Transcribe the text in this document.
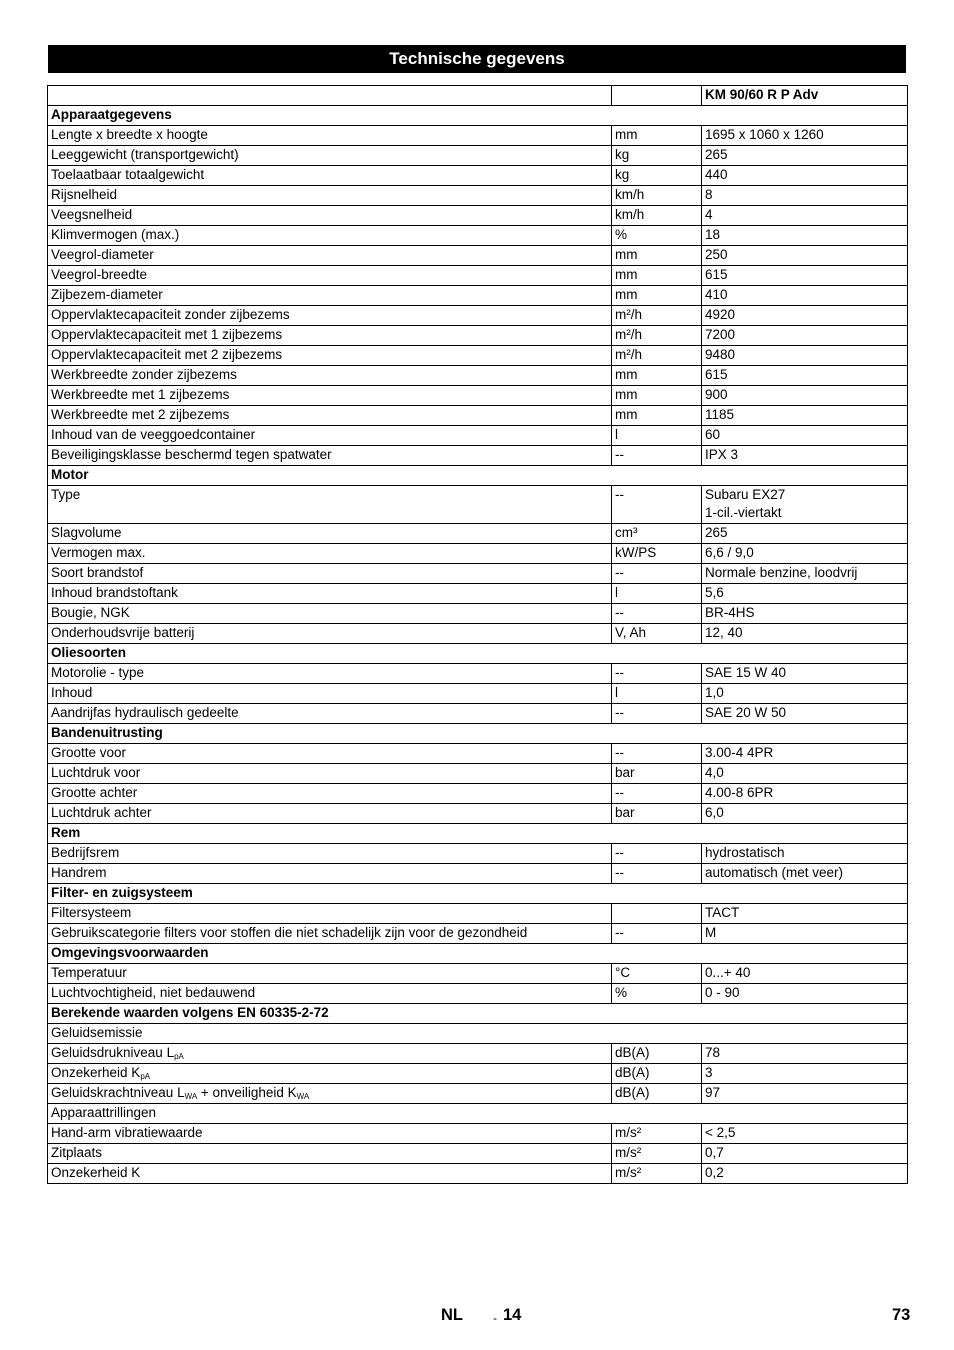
Technische gegevens
		KM 90/60 R P Adv
Apparaatgegevens		
Lengte x breedte x hoogte	mm	1695 x 1060 x 1260

Leeggewicht (transportgewicht)	kg	265

Toelaatbaar totaalgewicht	kg	440

Rijsnelheid	km/h	8

Veegsnelheid	km/h	4

Klimvermogen (max.)	%	18

Veegrol-diameter	mm	250

Veegrol-breedte	mm	615

Zijbezem-diameter	mm	410

Oppervlaktecapaciteit zonder zijbezems	m²/h	4920

Oppervlaktecapaciteit met 1 zijbezems	m²/h	7200

Oppervlaktecapaciteit met 2 zijbezems	m²/h	9480

Werkbreedte zonder zijbezems	mm	615

Werkbreedte met 1 zijbezems	mm	900

Werkbreedte met 2 zijbezems	mm	1185

Inhoud van de veeggoedcontainer	l	60

Beveiligingsklasse beschermd tegen spatwater	--	IPX 3

Motor		
Type	--	Subaru EX27
1-cil.-viertakt

Slagvolume	cm³	265

Vermogen max.	kW/PS	6,6 / 9,0

Soort brandstof	--	Normale benzine, loodvrij

Inhoud brandstoftank	l	5,6

Bougie, NGK	--	BR-4HS

Onderhoudsvrije batterij	V, Ah	12, 40

Oliesoorten		
Motorolie - type	--	SAE 15 W 40

Inhoud	l	1,0

Aandrijfas hydraulisch gedeelte	--	SAE 20 W 50

Bandenuitrusting		
Grootte voor	--	3.00-4 4PR

Luchtdruk voor	bar	4,0

Grootte achter	--	4.00-8 6PR

Luchtdruk achter	bar	6,0

Rem		
Bedrijfsrem	--	hydrostatisch

Handrem	--	automatisch (met veer)

Filter- en zuigsysteem		
Filtersysteem		TACT

Gebruikscategorie filters voor stoffen die niet schadelijk zijn voor de gezondheid	--	M

Omgevingsvoorwaarden		
Temperatuur	°C	0...+ 40

Luchtvochtigheid, niet bedauwend	%	0 - 90

Berekende waarden volgens EN 60335-2-72		
Geluidsemissie		
Geluidsdrukniveau $L_{pA}$	dB(A)	78
Onzekerheid $K_{pA}$	dB(A)	3
Geluidskrachtniveau $L_{WA}$ + onveiligheid $K_{WA}$	dB(A)	97
Apparaattrillingen		
Hand-arm vibratiewaarde	m/s²	< 2,5
Zitplaats	m/s²	0,7
Onzekerheid K	m/s²	0,2
NL	- 14	73
